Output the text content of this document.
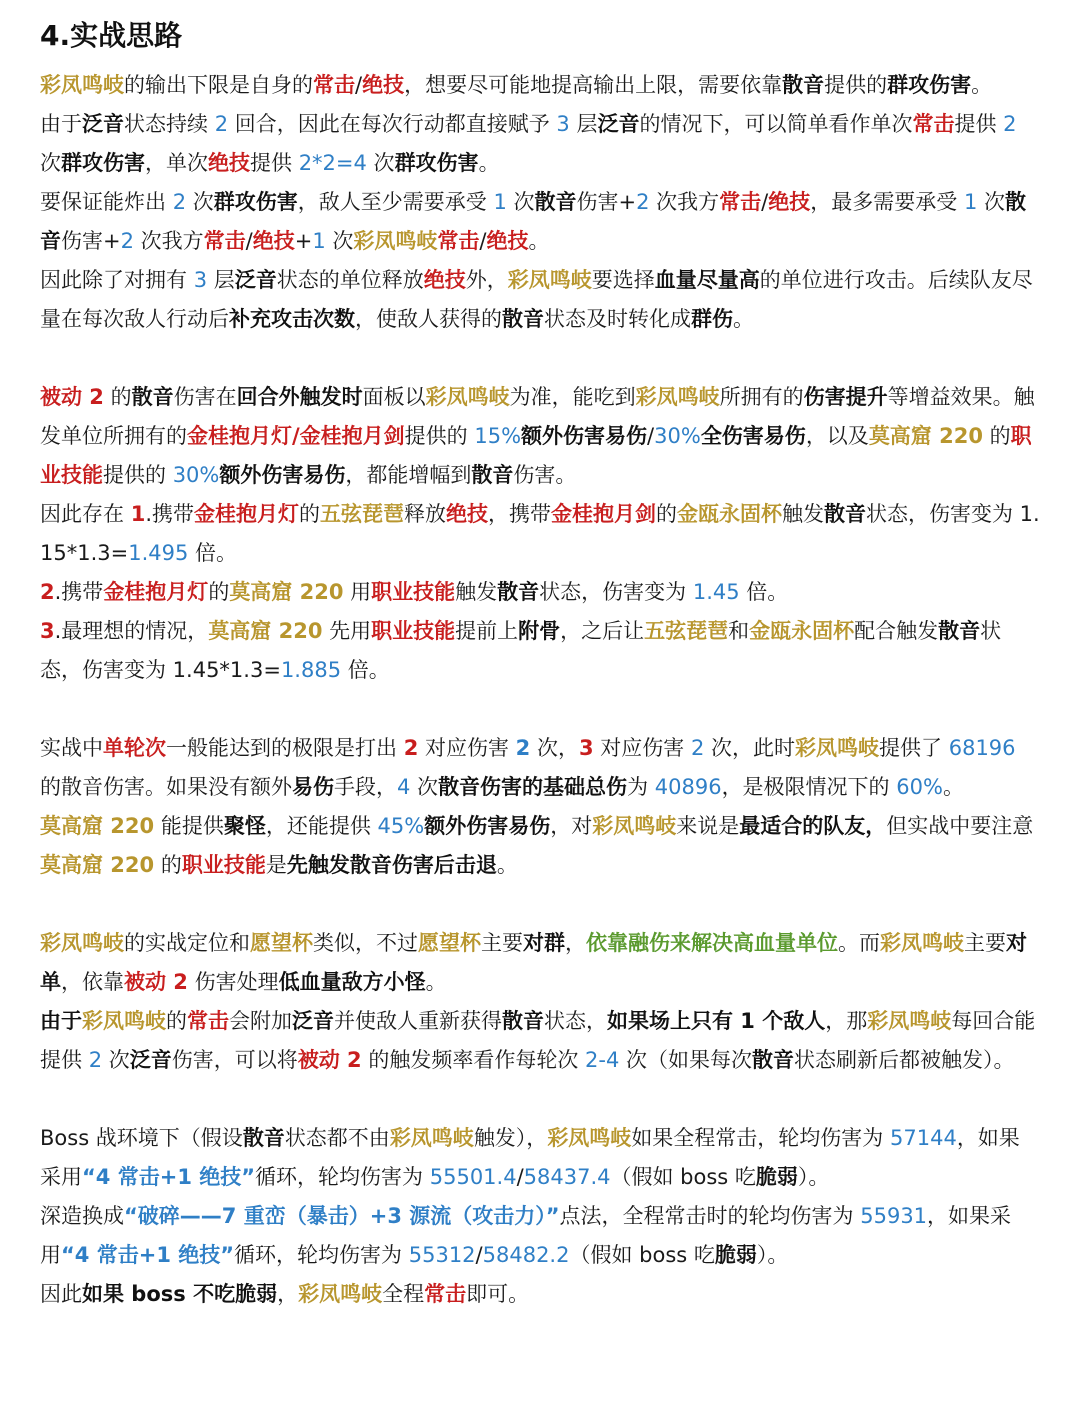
4.实战思路

彩凤鸣岐的输出下限是自身的常击/绝技，想要尽可能地提高输出上限，需要依靠散音提供的群攻伤害。

由于泛音状态持续 2 回合，因此在每次行动都直接赋予 3 层泛音的情况下，可以简单看作单次常击提供 2 次群攻伤害，单次绝技提供 2*2=4 次群攻伤害。

要保证能炸出 2 次群攻伤害，敌人至少需要承受 1 次散音伤害+2 次我方常击/绝技，最多需要承受 1 次散音伤害+2 次我方常击/绝技+1 次彩凤鸣岐常击/绝技。

因此除了对拥有 3 层泛音状态的单位释放绝技外，彩凤鸣岐要选择血量尽量高的单位进行攻击。后续队友尽量在每次敌人行动后补充攻击次数，使敌人获得的散音状态及时转化成群伤。

被动 2 的散音伤害在回合外触发时面板以彩凤鸣岐为准，能吃到彩凤鸣岐所拥有的伤害提升等增益效果。触发单位所拥有的金桂抱月灯/金桂抱月剑提供的 15%额外伤害易伤/30%全伤害易伤，以及莫高窟 220 的职业技能提供的 30%额外伤害易伤，都能增幅到散音伤害。

因此存在 1.携带金桂抱月灯的五弦琵琶释放绝技，携带金桂抱月剑的金瓯永固杯触发散音状态，伤害变为 1.15*1.3=1.495 倍。

2.携带金桂抱月灯的莫高窟 220 用职业技能触发散音状态，伤害变为 1.45 倍。

3.最理想的情况，莫高窟 220 先用职业技能提前上附骨，之后让五弦琵琶和金瓯永固杯配合触发散音状态，伤害变为 1.45*1.3=1.885 倍。

实战中单轮次一般能达到的极限是打出 2 对应伤害 2 次，3 对应伤害 2 次，此时彩凤鸣岐提供了 68196 的散音伤害。如果没有额外易伤手段，4 次散音伤害的基础总伤为 40896，是极限情况下的 60%。

莫高窟 220 能提供聚怪，还能提供 45%额外伤害易伤，对彩凤鸣岐来说是最适合的队友，但实战中要注意莫高窟 220 的职业技能是先触发散音伤害后击退。

彩凤鸣岐的实战定位和愿望杯类似，不过愿望杯主要对群，依靠融伤来解决高血量单位。而彩凤鸣岐主要对单，依靠被动 2 伤害处理低血量敌方小怪。

由于彩凤鸣岐的常击会附加泛音并使敌人重新获得散音状态，如果场上只有 1 个敌人，那彩凤鸣岐每回合能提供 2 次泛音伤害，可以将被动 2 的触发频率看作每轮次 2-4 次（如果每次散音状态刷新后都被触发）。

Boss 战环境下（假设散音状态都不由彩凤鸣岐触发），彩凤鸣岐如果全程常击，轮均伤害为 57144，如果采用“4 常击+1 绝技”循环，轮均伤害为 55501.4/58437.4（假如 boss 吃脆弱）。

深造换成“破碎——7 重峦（暴击）+3 源流（攻击力）”点法，全程常击时的轮均伤害为 55931，如果采用“4 常击+1 绝技”循环，轮均伤害为 55312/58482.2（假如 boss 吃脆弱）。

因此如果 boss 不吃脆弱，彩凤鸣岐全程常击即可。
